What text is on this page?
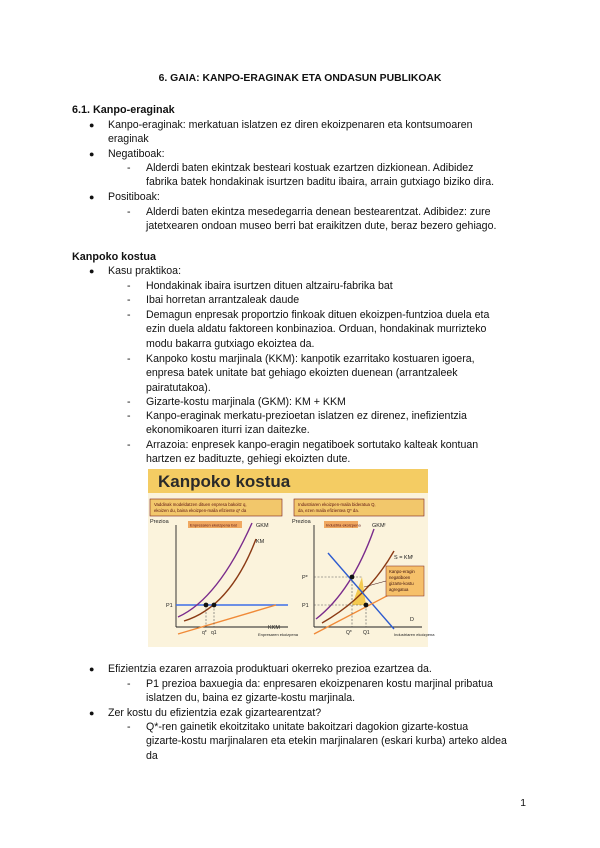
6. GAIA: KANPO-ERAGINAK ETA ONDASUN PUBLIKOAK
6.1. Kanpo-eraginak
● Kanpo-eraginak: merkatuan islatzen ez diren ekoizpenaren eta kontsumoaren
eraginak
● Negatiboak:
- Alderdi baten ekintzak besteari kostuak ezartzen dizkionean. Adibidez
fabrika batek hondakinak isurtzen baditu ibaira, arrain gutxiago biziko dira.
● Positiboak:
- Alderdi baten ekintza mesedegarria denean bestearentzat. Adibidez: zure
jatetxearen ondoan museo berri bat eraikitzen dute, beraz bezero gehiago.
Kanpoko kostua
● Kasu praktikoa:
- Hondakinak ibaira isurtzen dituen altzairu-fabrika bat
- Ibai horretan arrantzaleak daude
- Demagun enpresak proportzio finkoak dituen ekoizpen-funtzioa duela eta
ezin duela aldatu faktoreen konbinazioa. Orduan, hondakinak murrizteko
modu bakarra gutxiago ekoiztea da.
- Kanpoko kostu marjinala (KKM): kanpotik ezarritako kostuaren igoera,
enpresa batek unitate bat gehiago ekoizten duenean (arrantzaleek
pairatutakoa).
- Gizarte-kostu marjinala (GKM): KM + KKM
- Kanpo-eraginak merkatu-prezioetan islatzen ez direnez, inefizientzia
ekonomikoaren iturri izan daitezke.
- Arrazoia: enpresek kanpo-eragin negatiboek sortutako kalteak kontuan
hartzen ez badituzte, gehiegi ekoizten dute.
Kanpoko kostua
Vaddinak modeldatzen dituen enpresa bakoitz q,
ekoizen du, baina ekoizpen-maila efiziente q* da
Industriaren ekoizpen-maila bideratua Q,
da, ezen maila efizientea Q* da.
Prezioa	Enpresaren ekoizpena bat	GKM
KM
KKM
P1
q* q1	Enpresaren ekoizpena
Prezioa	Industria ekoizpena GKMᴵ
S = KMᴵ
P*
P1
D
Q* Q1	Industriaren ekoizpena
Kanpo-eragin
negatiboen
gizarte-kostu
agregatua
● Efizientzia ezaren arrazoia produktuari okerreko prezioa ezartzea da.
- P1 prezioa baxuegia da: enpresaren ekoizpenaren kostu marjinal pribatua
islatzen du, baina ez gizarte-kostu marjinala.
● Zer kostu du efizientzia ezak gizartearentzat?
- Q*-ren gainetik ekoitzitako unitate bakoitzari dagokion gizarte-kostua
gizarte-kostu marjinalaren eta etekin marjinalaren (eskari kurba) arteko aldea
da
1
